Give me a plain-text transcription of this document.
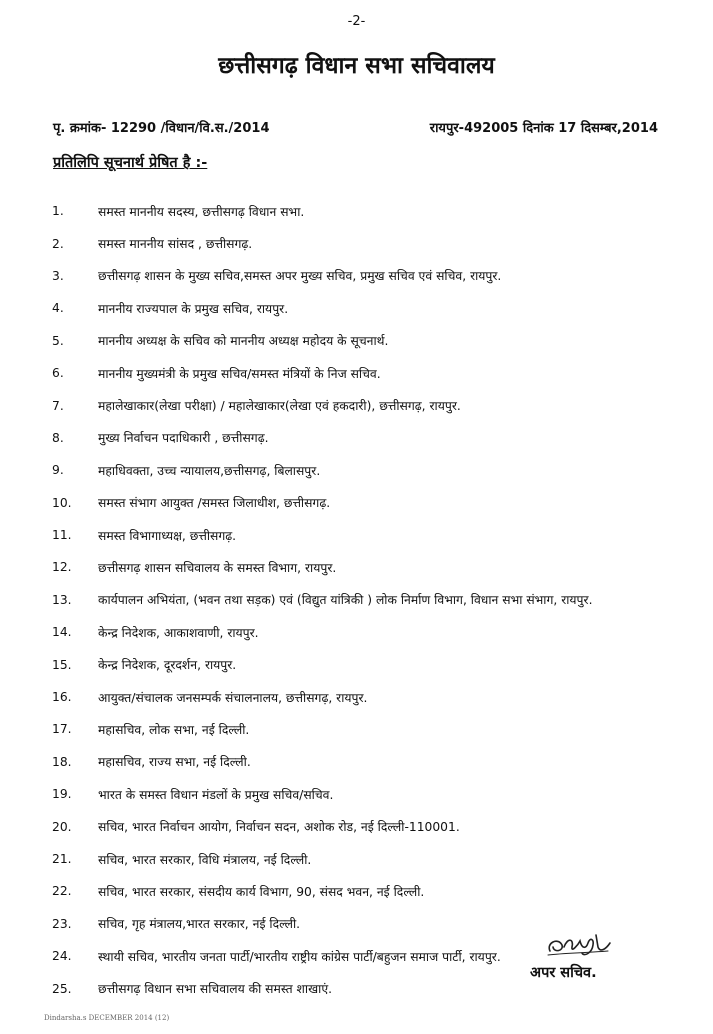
-2-
छत्तीसगढ़ विधान सभा सचिवालय
पृ. क्रमांक- 12290 /विधान/वि.स./2014	रायपुर-492005 दिनांक 17 दिसम्बर,2014
प्रतिलिपि सूचनार्थ प्रेषित है :-
1.	समस्त माननीय सदस्य, छत्तीसगढ़ विधान सभा.
2.	समस्त माननीय सांसद , छत्तीसगढ़.
3.	छत्तीसगढ़ शासन के मुख्य सचिव,समस्त अपर मुख्य सचिव, प्रमुख सचिव एवं सचिव, रायपुर.
4.	माननीय राज्यपाल के प्रमुख सचिव, रायपुर.
5.	माननीय अध्यक्ष के सचिव को माननीय अध्यक्ष महोदय के सूचनार्थ.
6.	माननीय मुख्यमंत्री के प्रमुख सचिव/समस्त मंत्रियों के निज सचिव.
7.	महालेखाकार(लेखा परीक्षा) / महालेखाकार(लेखा एवं हकदारी), छत्तीसगढ़, रायपुर.
8.	मुख्य निर्वाचन पदाधिकारी , छत्तीसगढ़.
9.	महाधिवक्ता, उच्च न्यायालय,छत्तीसगढ़, बिलासपुर.
10.	समस्त संभाग आयुक्त /समस्त जिलाधीश, छत्तीसगढ़.
11.	समस्त विभागाध्यक्ष, छत्तीसगढ़.
12.	छत्तीसगढ़ शासन सचिवालय के समस्त विभाग, रायपुर.
13.	कार्यपालन अभियंता, (भवन तथा सड़क) एवं (विद्युत यांत्रिकी ) लोक निर्माण विभाग, विधान सभा संभाग, रायपुर.
14.	केन्द्र निदेशक, आकाशवाणी, रायपुर.
15.	केन्द्र निदेशक, दूरदर्शन, रायपुर.
16.	आयुक्त/संचालक जनसम्पर्क संचालनालय, छत्तीसगढ़, रायपुर.
17.	महासचिव, लोक सभा, नई दिल्ली.
18.	महासचिव, राज्य सभा, नई दिल्ली.
19.	भारत के समस्त विधान मंडलों के प्रमुख सचिव/सचिव.
20.	सचिव, भारत निर्वाचन आयोग, निर्वाचन सदन, अशोक रोड, नई दिल्ली-110001.
21.	सचिव, भारत सरकार, विधि मंत्रालय, नई दिल्ली.
22.	सचिव, भारत सरकार, संसदीय कार्य विभाग, 90, संसद भवन, नई दिल्ली.
23.	सचिव, गृह मंत्रालय,भारत सरकार, नई दिल्ली.
24.	स्थायी सचिव, भारतीय जनता पार्टी/भारतीय राष्ट्रीय कांग्रेस पार्टी/बहुजन समाज पार्टी, रायपुर.
25.	छत्तीसगढ़ विधान सभा सचिवालय की समस्त शाखाएं.
अपर सचिव.
Dindarsha.s DECEMBER 2014 (12)
